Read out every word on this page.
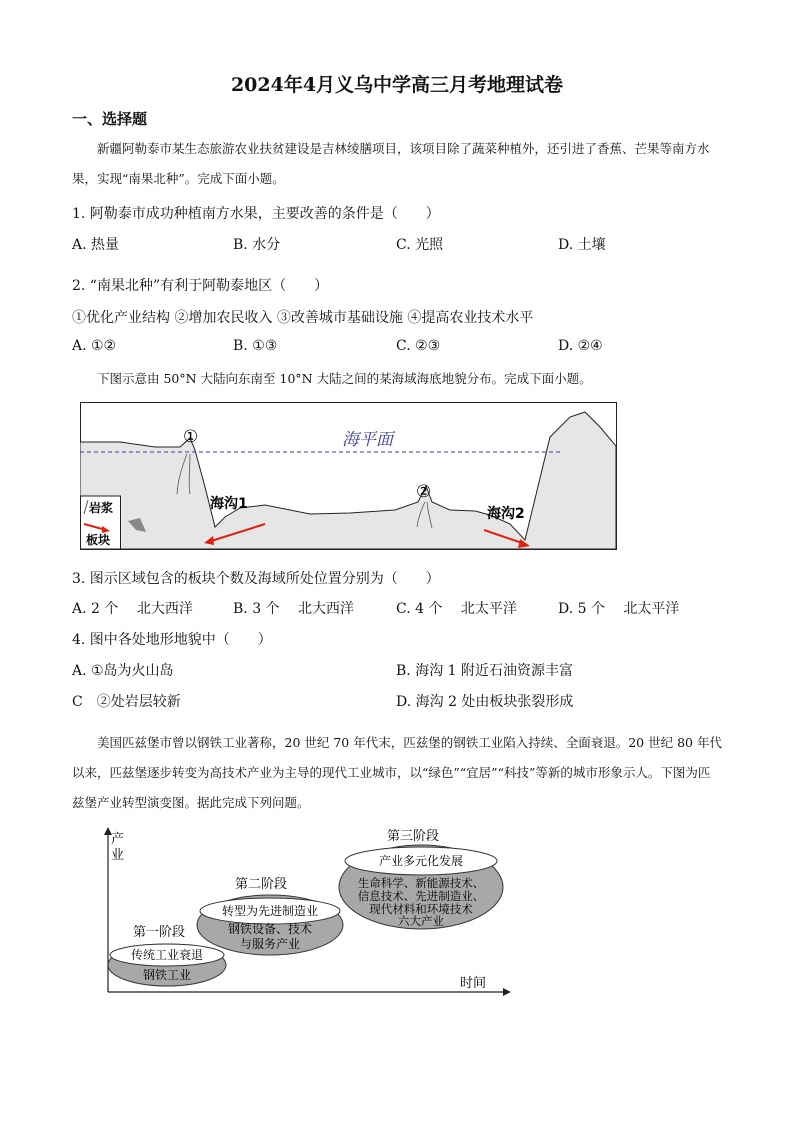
2024年4月义乌中学高三月考地理试卷
一、选择题
新疆阿勒泰市某生态旅游农业扶贫建设是吉林绫膳项目，该项目除了蔬菜种植外，还引进了香蕉、芒果等南方水果，实现“南果北种”。完成下面小题。
1. 阿勒泰市成功种植南方水果，主要改善的条件是（　　）
A. 热量	B. 水分	C. 光照	D. 土壤
2. “南果北种”有利于阿勒泰地区（　　）
①优化产业结构 ②增加农民收入 ③改善城市基础设施 ④提高农业技术水平
A. ①②	B. ①③	C. ②③	D. ②④
下图示意由 50°N 大陆向东南至 10°N 大陆之间的某海域海底地貌分布。完成下面小题。
海平面
①
②
海沟1
海沟2
岩浆
板块
3. 图示区域包含的板块个数及海域所处位置分别为（　　）
A. 2 个　 北大西洋	B. 3 个　 北大西洋	C. 4 个　 北太平洋	D. 5 个　 北太平洋
4. 图中各处地形地貌中（　　）
A. ①岛为火山岛	B. 海沟 1 附近石油资源丰富
C　②处岩层较新	D. 海沟 2 处由板块张裂形成
美国匹兹堡市曾以钢铁工业著称，20 世纪 70 年代末，匹兹堡的钢铁工业陷入持续、全面衰退。20 世纪 80 年代以来，匹兹堡逐步转变为高技术产业为主导的现代工业城市，以“绿色”“宜居”“科技”等新的城市形象示人。下图为匹兹堡产业转型演变图。据此完成下列问题。
产
业
时间
第一阶段
传统工业衰退
钢铁工业
第二阶段
转型为先进制造业
钢铁设备、技术
与服务产业
第三阶段
产业多元化发展
生命科学、新能源技术、
信息技术、先进制造业、
现代材料和环境技术
六大产业
